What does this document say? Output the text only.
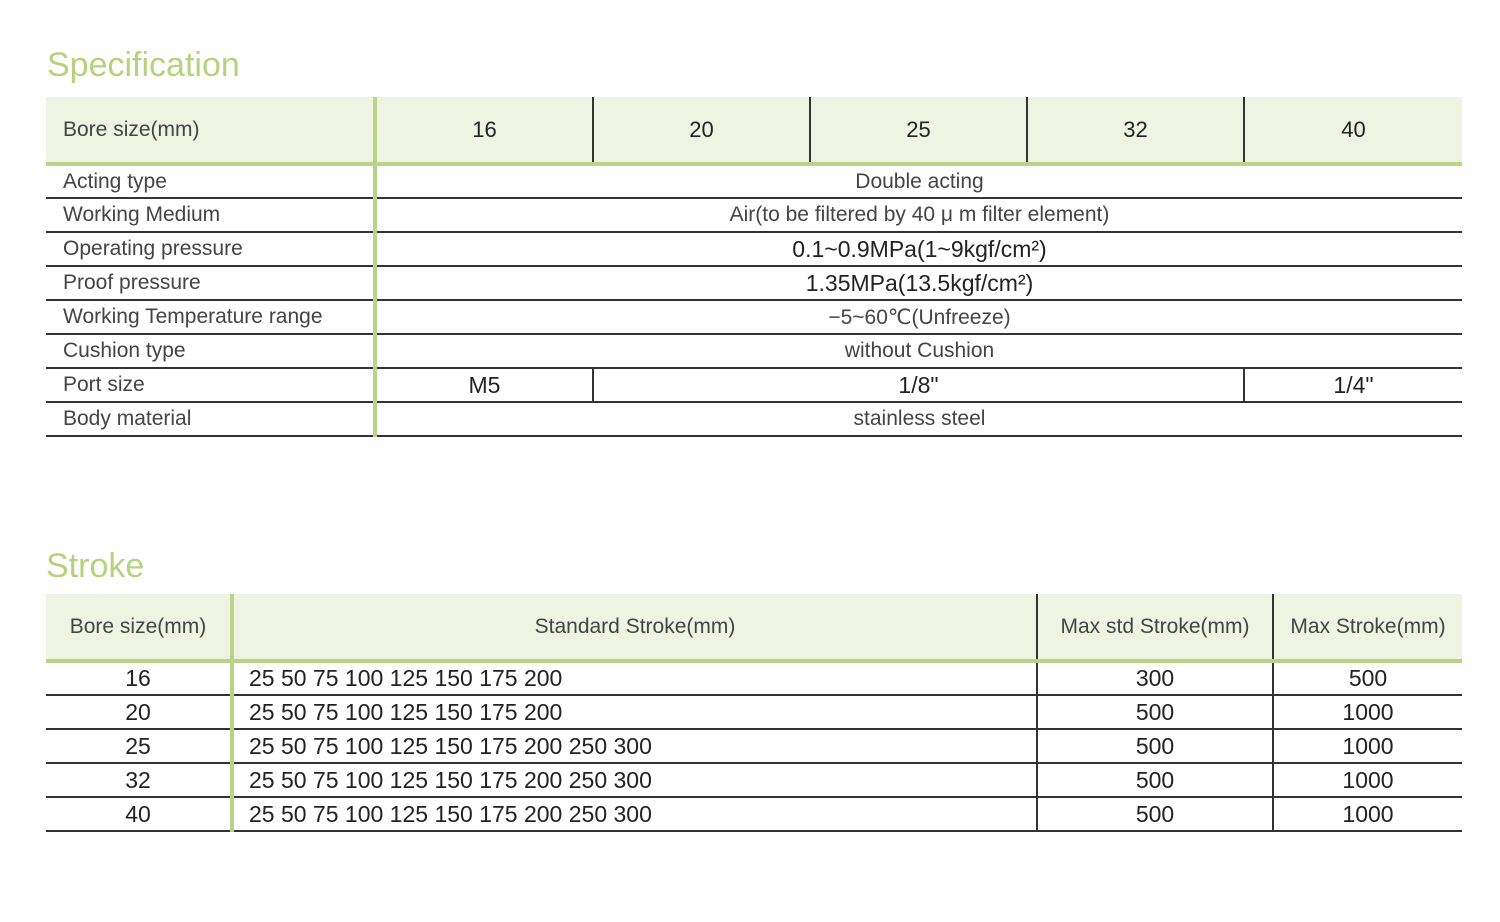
Specification
Bore size(mm)	16	20	25	32	40
Acting type	Double acting				
Working Medium	Air(to be filtered by 40 μ m filter element)				
Operating pressure	0.1~0.9MPa(1~9kgf/cm²)				
Proof pressure	1.35MPa(13.5kgf/cm²)				
Working Temperature range	−5~60℃(Unfreeze)				
Cushion type	without Cushion				
Port size	M5	1/8"			1/4"
Body material	stainless steel				
Stroke
Bore size(mm)	Standard Stroke(mm)	Max std Stroke(mm)	Max Stroke(mm)
16	25 50 75 100 125 150 175 200	300	500
20	25 50 75 100 125 150 175 200	500	1000
25	25 50 75 100 125 150 175 200 250 300	500	1000
32	25 50 75 100 125 150 175 200 250 300	500	1000
40	25 50 75 100 125 150 175 200 250 300	500	1000
